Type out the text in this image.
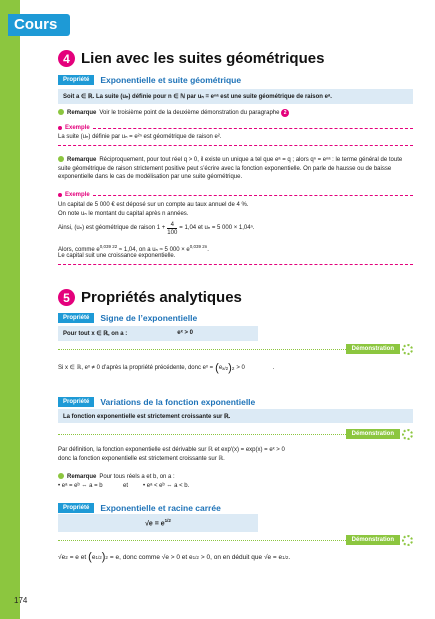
Cours
174
4 Lien avec les suites géométriques
Propriété	Exponentielle et suite géométrique
Soit a ∈ ℝ. La suite (uₙ) définie pour n ∈ ℕ par uₙ = eⁿᵃ est une suite géométrique de raison eᵃ.
Remarque Voir le troisième point de la deuxième démonstration du paragraphe 2
Exemple
La suite (uₙ) définie par uₙ = e²ⁿ est géométrique de raison e².
Remarque Réciproquement, pour tout réel q > 0, il existe un unique a tel que eᵃ = q ; alors qⁿ = eⁿᵃ : le terme général de toute suite géométrique de raison strictement positive peut s’écrire avec la fonction exponentielle. On parle de hausse ou de baisse exponentielle dans le cas de modélisation par une suite géométrique.
Exemple
Un capital de 5 000 € est déposé sur un compte au taux annuel de 4 %.
On note uₙ le montant du capital après n années.
Ainsi, (uₙ) est géométrique de raison $1 + \frac{4}{100} = 1,04$ et uₙ = 5 000 × 1,04ⁿ.
Alors, comme $e^{0,039 22} \approx 1,04$, on a uₙ ≈ 5 $000 \times e^{0,039 2n}$.
Le capital suit une croissance exponentielle.
5 Propriétés analytiques
Propriété	Signe de l’exponentielle
Pour tout x ∈ ℝ, on a :	eˣ > 0
Démonstration
Si x ∈ ℝ, eˣ ≠ 0 d’après la propriété précédente, donc eˣ = ( e x/2 ) 2 > 0	.
Propriété	Variations de la fonction exponentielle
La fonction exponentielle est strictement croissante sur ℝ.
Démonstration
Par définition, la fonction exponentielle est dérivable sur ℝ et exp′(x) = exp(x) = eˣ > 0
donc la fonction exponentielle est strictement croissante sur ℝ.
Remarque Pour tous réels a et b, on a :
• eᵃ = eᵇ ⇔ a = b	et	• eᵃ < eᵇ ⇔ a < b.
Propriété	Exponentielle et racine carrée
$√e = e^{1/2}$
Démonstration
√e 2 = e et ( e 1/2 ) 2 = e, donc comme √e > 0 et e 1/2 > 0, on en déduit que √e = e 1/2 .
